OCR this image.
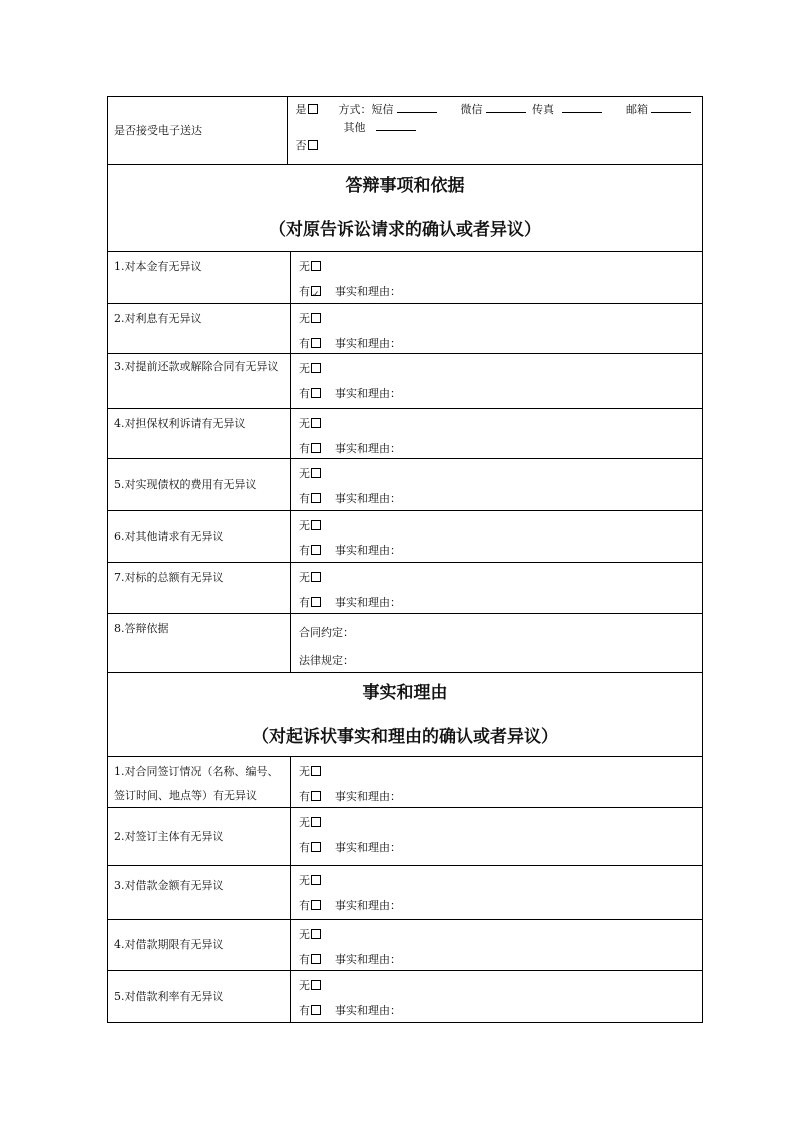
是否接受电子送达
是	方式：短信	微信	传真	邮箱
其他
否
答辩事项和依据
（对原告诉讼请求的确认或者异议）
1.对本金有无异议	无
有✓ 事实和理由：
2.对利息有无异议	无
有 事实和理由：
3.对提前还款或解除合同有无异议	无
有 事实和理由：
4.对担保权利诉请有无异议	无
有 事实和理由：
5.对实现债权的费用有无异议
无
有 事实和理由：
6.对其他请求有无异议
无
有 事实和理由：
7.对标的总额有无异议	无
有 事实和理由：
8.答辩依据	合同约定：
法律规定：
事实和理由
（对起诉状事实和理由的确认或者异议）
1.对合同签订情况（名称、编号、签订时间、地点等）有无异议
无
有 事实和理由：
2.对签订主体有无异议
无
有 事实和理由：
3.对借款金额有无异议	无
有 事实和理由：
4.对借款期限有无异议
无
有 事实和理由：
5.对借款利率有无异议
无
有 事实和理由：
